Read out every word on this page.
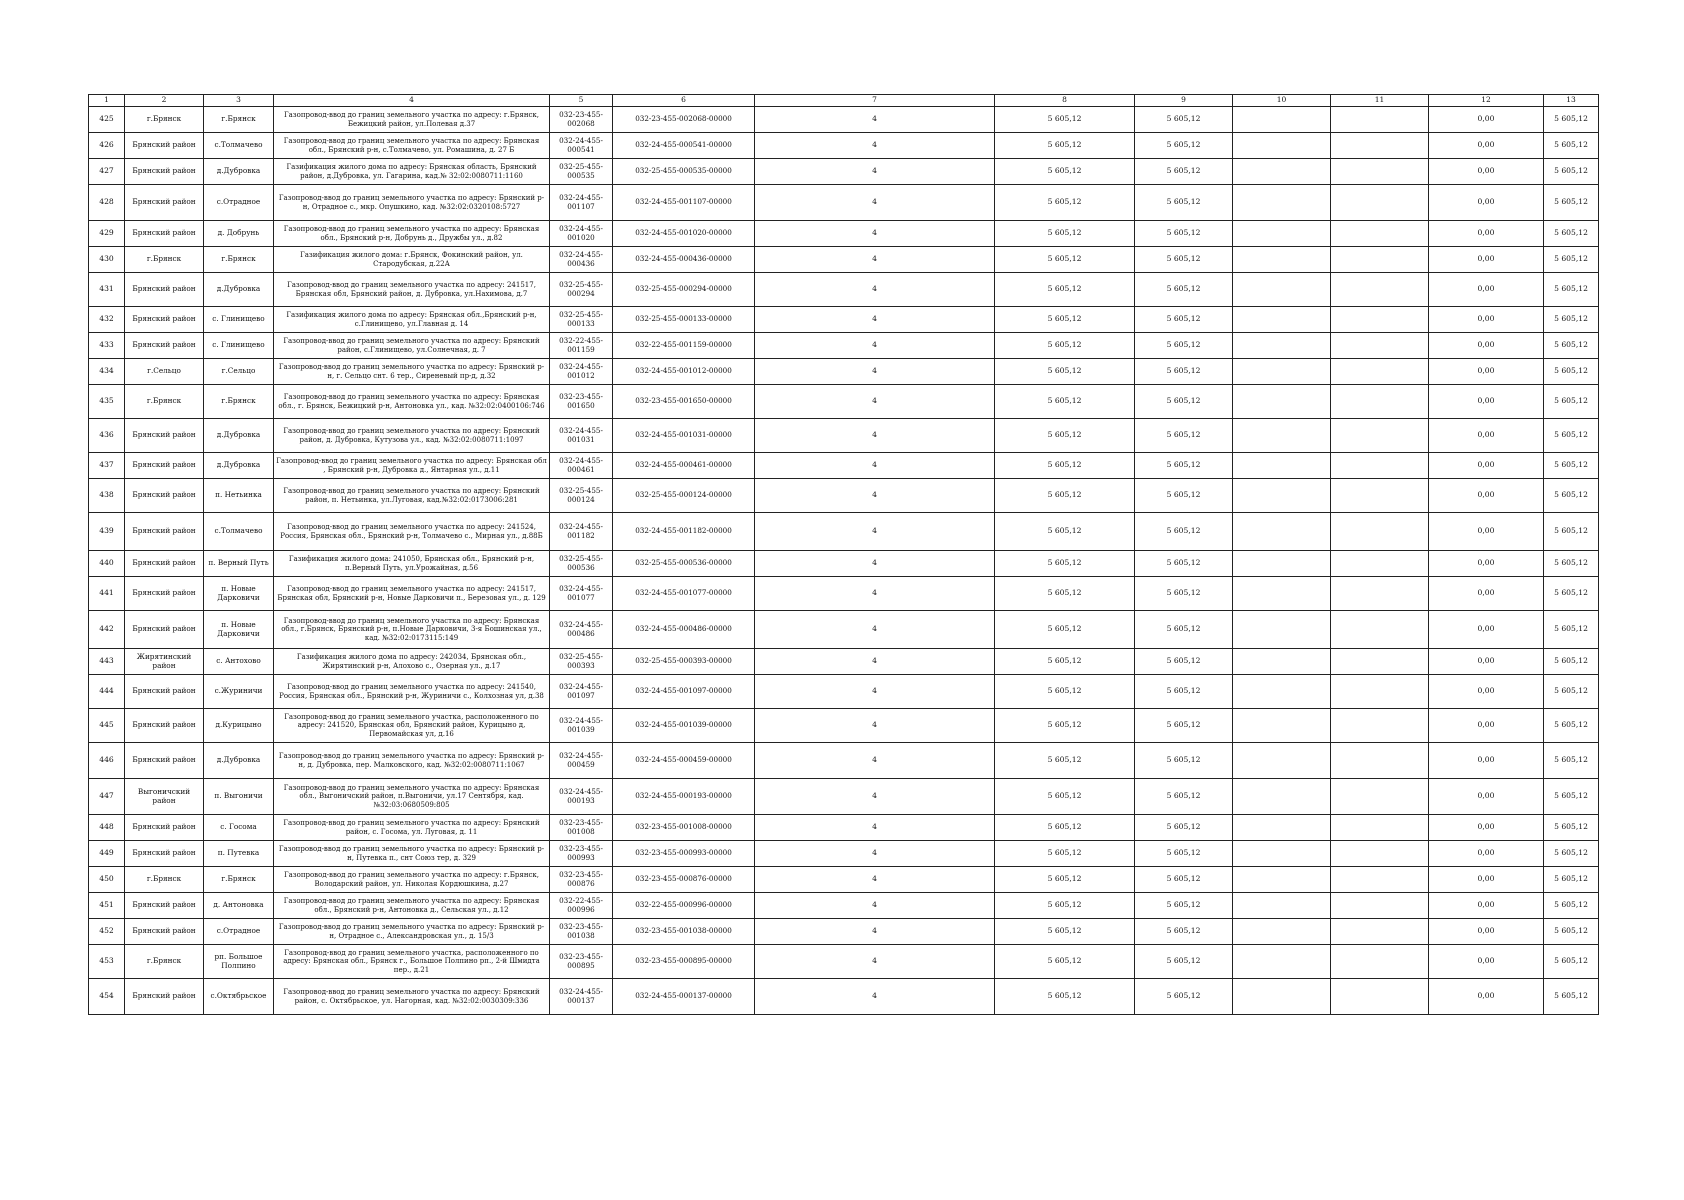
1	2	3	4	5	6	7	8	9	10	11	12	13
425	г.Брянск	г.Брянск	Газопровод-ввод до границ земельного участка по адресу: г.Брянск, Бежицкий район, ул.Полевая д.37	032-23-455-002068	032-23-455-002068-00000	4	5 605,12	5 605,12			0,00	5 605,12
426	Брянский район	с.Толмачево	Газопровод-ввод до границ земельного участка по адресу: Брянская обл., Брянский р-н, с.Толмачево, ул. Ромашина, д. 27 Б	032-24-455-000541	032-24-455-000541-00000	4	5 605,12	5 605,12			0,00	5 605,12
427	Брянский район	д.Дубровка	Газификация жилого дома по адресу: Брянская область, Брянский район, д.Дубровка, ул. Гагарина, кад.№ 32:02:0080711:1160	032-25-455-000535	032-25-455-000535-00000	4	5 605,12	5 605,12			0,00	5 605,12
428	Брянский район	с.Отрадное	Газопровод-ввод до границ земельного участка по адресу: Брянский р-н, Отрадное с., мкр. Опушкино, кад. №32:02:0320108:5727	032-24-455-001107	032-24-455-001107-00000	4	5 605,12	5 605,12			0,00	5 605,12
429	Брянский район	д. Добрунь	Газопровод-ввод до границ земельного участка по адресу: Брянская обл., Брянский р-н, Добрунь д., Дружбы ул., д.82	032-24-455-001020	032-24-455-001020-00000	4	5 605,12	5 605,12			0,00	5 605,12
430	г.Брянск	г.Брянск	Газификация жилого дома: г.Брянск, Фокинский район, ул. Стародубская, д.22А	032-24-455-000436	032-24-455-000436-00000	4	5 605,12	5 605,12			0,00	5 605,12
431	Брянский район	д.Дубровка	Газопровод-ввод до границ земельного участка по адресу: 241517, Брянская обл, Брянский район, д. Дубровка, ул.Нахимова, д.7	032-25-455-000294	032-25-455-000294-00000	4	5 605,12	5 605,12			0,00	5 605,12
432	Брянский район	с. Глинищево	Газификация жилого дома по адресу: Брянская обл.,Брянский р-н, с.Глинищево, ул.Главная д. 14	032-25-455-000133	032-25-455-000133-00000	4	5 605,12	5 605,12			0,00	5 605,12
433	Брянский район	с. Глинищево	Газопровод-ввод до границ земельного участка по адресу: Брянский район, с.Глинищево, ул.Солнечная, д. 7	032-22-455-001159	032-22-455-001159-00000	4	5 605,12	5 605,12			0,00	5 605,12
434	г.Сельцо	г.Сельцо	Газопровод-ввод до границ земельного участка по адресу: Брянский р-н, г. Сельцо снт. 6 тер., Сиреневый пр-д, д.32	032-24-455-001012	032-24-455-001012-00000	4	5 605,12	5 605,12			0,00	5 605,12
435	г.Брянск	г.Брянск	Газопровод-ввод до границ земельного участка по адресу: Брянская обл., г. Брянск, Бежицкий р-н, Антоновка ул., кад. №32:02:0400106:746	032-23-455-001650	032-23-455-001650-00000	4	5 605,12	5 605,12			0,00	5 605,12
436	Брянский район	д.Дубровка	Газопровод-ввод до границ земельного участка по адресу: Брянский район, д. Дубровка, Кутузова ул., кад. №32:02:0080711:1097	032-24-455-001031	032-24-455-001031-00000	4	5 605,12	5 605,12			0,00	5 605,12
437	Брянский район	д.Дубровка	Газопровод-ввод до границ земельного участка по адресу: Брянская обл , Брянский р-н, Дубровка д., Янтарная ул., д.11	032-24-455-000461	032-24-455-000461-00000	4	5 605,12	5 605,12			0,00	5 605,12
438	Брянский район	п. Нетьинка	Газопровод-ввод до границ земельного участка по адресу: Брянский район, п. Нетьинка, ул.Луговая, кад.№32:02:0173006:281	032-25-455-000124	032-25-455-000124-00000	4	5 605,12	5 605,12			0,00	5 605,12
439	Брянский район	с.Толмачево	Газопровод-ввод до границ земельного участка по адресу: 241524, Россия, Брянская обл., Брянский р-н, Толмачево с., Мирная ул., д.88Б	032-24-455-001182	032-24-455-001182-00000	4	5 605,12	5 605,12			0,00	5 605,12
440	Брянский район	п. Верный Путь	Газификация жилого дома: 241050, Брянская обл., Брянский р-н, п.Верный Путь, ул.Урожайная, д.56	032-25-455-000536	032-25-455-000536-00000	4	5 605,12	5 605,12			0,00	5 605,12
441	Брянский район	п. Новые Дарковичи	Газопровод-ввод до границ земельного участка по адресу: 241517, Брянская обл, Брянский р-н, Новые Дарковичи п., Березовая ул., д. 129	032-24-455-001077	032-24-455-001077-00000	4	5 605,12	5 605,12			0,00	5 605,12
442	Брянский район	п. Новые Дарковичи	Газопровод-ввод до границ земельного участка по адресу: Брянская обл., г.Брянск, Брянский р-н, п.Новые Дарковичи, 3-я Бошинская ул., кад. №32:02:0173115:149	032-24-455-000486	032-24-455-000486-00000	4	5 605,12	5 605,12			0,00	5 605,12
443	Жирятинский район	с. Антохово	Газификация жилого дома по адресу: 242034, Брянская обл., Жирятинский р-н, Алохово с., Озерная ул., д.17	032-25-455-000393	032-25-455-000393-00000	4	5 605,12	5 605,12			0,00	5 605,12
444	Брянский район	с.Журиничи	Газопровод-ввод до границ земельного участка по адресу: 241540, Россия, Брянская обл., Брянский р-н, Журиничи с., Колхозная ул, д.38	032-24-455-001097	032-24-455-001097-00000	4	5 605,12	5 605,12			0,00	5 605,12
445	Брянский район	д.Курицыно	Газопровод-ввод до границ земельного участка, расположенного по адресу: 241520, Брянская обл, Брянский район, Курицыно д, Первомайская ул, д.16	032-24-455-001039	032-24-455-001039-00000	4	5 605,12	5 605,12			0,00	5 605,12
446	Брянский район	д.Дубровка	Газопровод-ввод до границ земельного участка по адресу: Брянский р-н, д. Дубровка, пер. Малковского, кад. №32:02:0080711:1067	032-24-455-000459	032-24-455-000459-00000	4	5 605,12	5 605,12			0,00	5 605,12
447	Выгоничский район	п. Выгоничи	Газопровод-ввод до границ земельного участка по адресу: Брянская обл., Выгоничский район, п.Выгоничи, ул.17 Сентября, кад. №32:03:0680509:805	032-24-455-000193	032-24-455-000193-00000	4	5 605,12	5 605,12			0,00	5 605,12
448	Брянский район	с. Госома	Газопровод-ввод до границ земельного участка по адресу: Брянский район, с. Госома, ул. Луговая, д. 11	032-23-455-001008	032-23-455-001008-00000	4	5 605,12	5 605,12			0,00	5 605,12
449	Брянский район	п. Путевка	Газопровод-ввод до границ земельного участка по адресу: Брянский р-н, Путевка п., снт Союз тер, д. 329	032-23-455-000993	032-23-455-000993-00000	4	5 605,12	5 605,12			0,00	5 605,12
450	г.Брянск	г.Брянск	Газопровод-ввод до границ земельного участка по адресу: г.Брянск, Володарский район, ул. Николая Кордюшкина, д.27	032-23-455-000876	032-23-455-000876-00000	4	5 605,12	5 605,12			0,00	5 605,12
451	Брянский район	д. Антоновка	Газопровод-ввод до границ земельного участка по адресу: Брянская обл., Брянский р-н, Антоновка д., Сельская ул., д.12	032-22-455-000996	032-22-455-000996-00000	4	5 605,12	5 605,12			0,00	5 605,12
452	Брянский район	с.Отрадное	Газопровод-ввод до границ земельного участка по адресу: Брянский р-н, Отрадное с., Александровская ул., д. 15/3	032-23-455-001038	032-23-455-001038-00000	4	5 605,12	5 605,12			0,00	5 605,12
453	г.Брянск	рп. Большое Полпино	Газопровод-ввод до границ земельного участка, расположенного по адресу: Брянская обл., Брянск г., Большое Полпино рп., 2-й Шмидта пер., д.21	032-23-455-000895	032-23-455-000895-00000	4	5 605,12	5 605,12			0,00	5 605,12
454	Брянский район	с.Октябрьское	Газопровод-ввод до границ земельного участка по адресу: Брянский район, с. Октябрьское, ул. Нагорная, кад. №32:02:0030309:336	032-24-455-000137	032-24-455-000137-00000	4	5 605,12	5 605,12			0,00	5 605,12
